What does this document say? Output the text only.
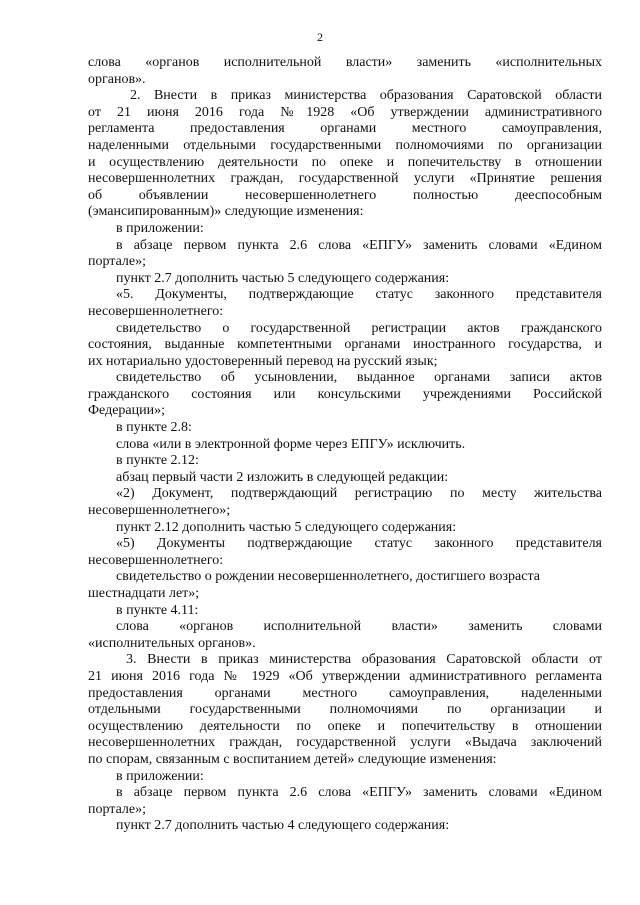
2

слова «органов исполнительной власти» заменить «исполнительных

органов».

2. Внести в приказ министерства образования Саратовской области

от 21 июня 2016 года №1928 «Об утверждении административного

регламента предоставления органами местного самоуправления,

наделенными отдельными государственными полномочиями по организации

и осуществлению деятельности по опеке и попечительству в отношении

несовершеннолетних граждан, государственной услуги «Принятие решения

об объявлении несовершеннолетнего полностью дееспособным

(эмансипированным)» следующие изменения:

в приложении:

в абзаце первом пункта 2.6 слова «ЕПГУ» заменить словами «Едином

портале»;

пункт 2.7 дополнить частью 5 следующего содержания:

«5. Документы, подтверждающие статус законного представителя

несовершеннолетнего:

свидетельство о государственной регистрации актов гражданского

состояния, выданные компетентными органами иностранного государства, и

их нотариально удостоверенный перевод на русский язык;

свидетельство об усыновлении, выданное органами записи актов

гражданского состояния или консульскими учреждениями Российской

Федерации»;

в пункте 2.8:

слова «или в электронной форме через ЕПГУ» исключить.

в пункте 2.12:

абзац первый части 2 изложить в следующей редакции:

«2) Документ, подтверждающий регистрацию по месту жительства

несовершеннолетнего»;

пункт 2.12 дополнить частью 5 следующего содержания:

«5) Документы подтверждающие статус законного представителя

несовершеннолетнего:

свидетельство о рождении несовершеннолетнего, достигшего возраста

шестнадцати лет»;

в пункте 4.11:

слова «органов исполнительной власти» заменить словами

«исполнительных органов».

3. Внести в приказ министерства образования Саратовской области от

21 июня 2016 года № 1929 «Об утверждении административного регламента

предоставления органами местного самоуправления, наделенными

отдельными государственными полномочиями по организации и

осуществлению деятельности по опеке и попечительству в отношении

несовершеннолетних граждан, государственной услуги «Выдача заключений

по спорам, связанным с воспитанием детей» следующие изменения:

в приложении:

в абзаце первом пункта 2.6 слова «ЕПГУ» заменить словами «Едином

портале»;

пункт 2.7 дополнить частью 4 следующего содержания:
